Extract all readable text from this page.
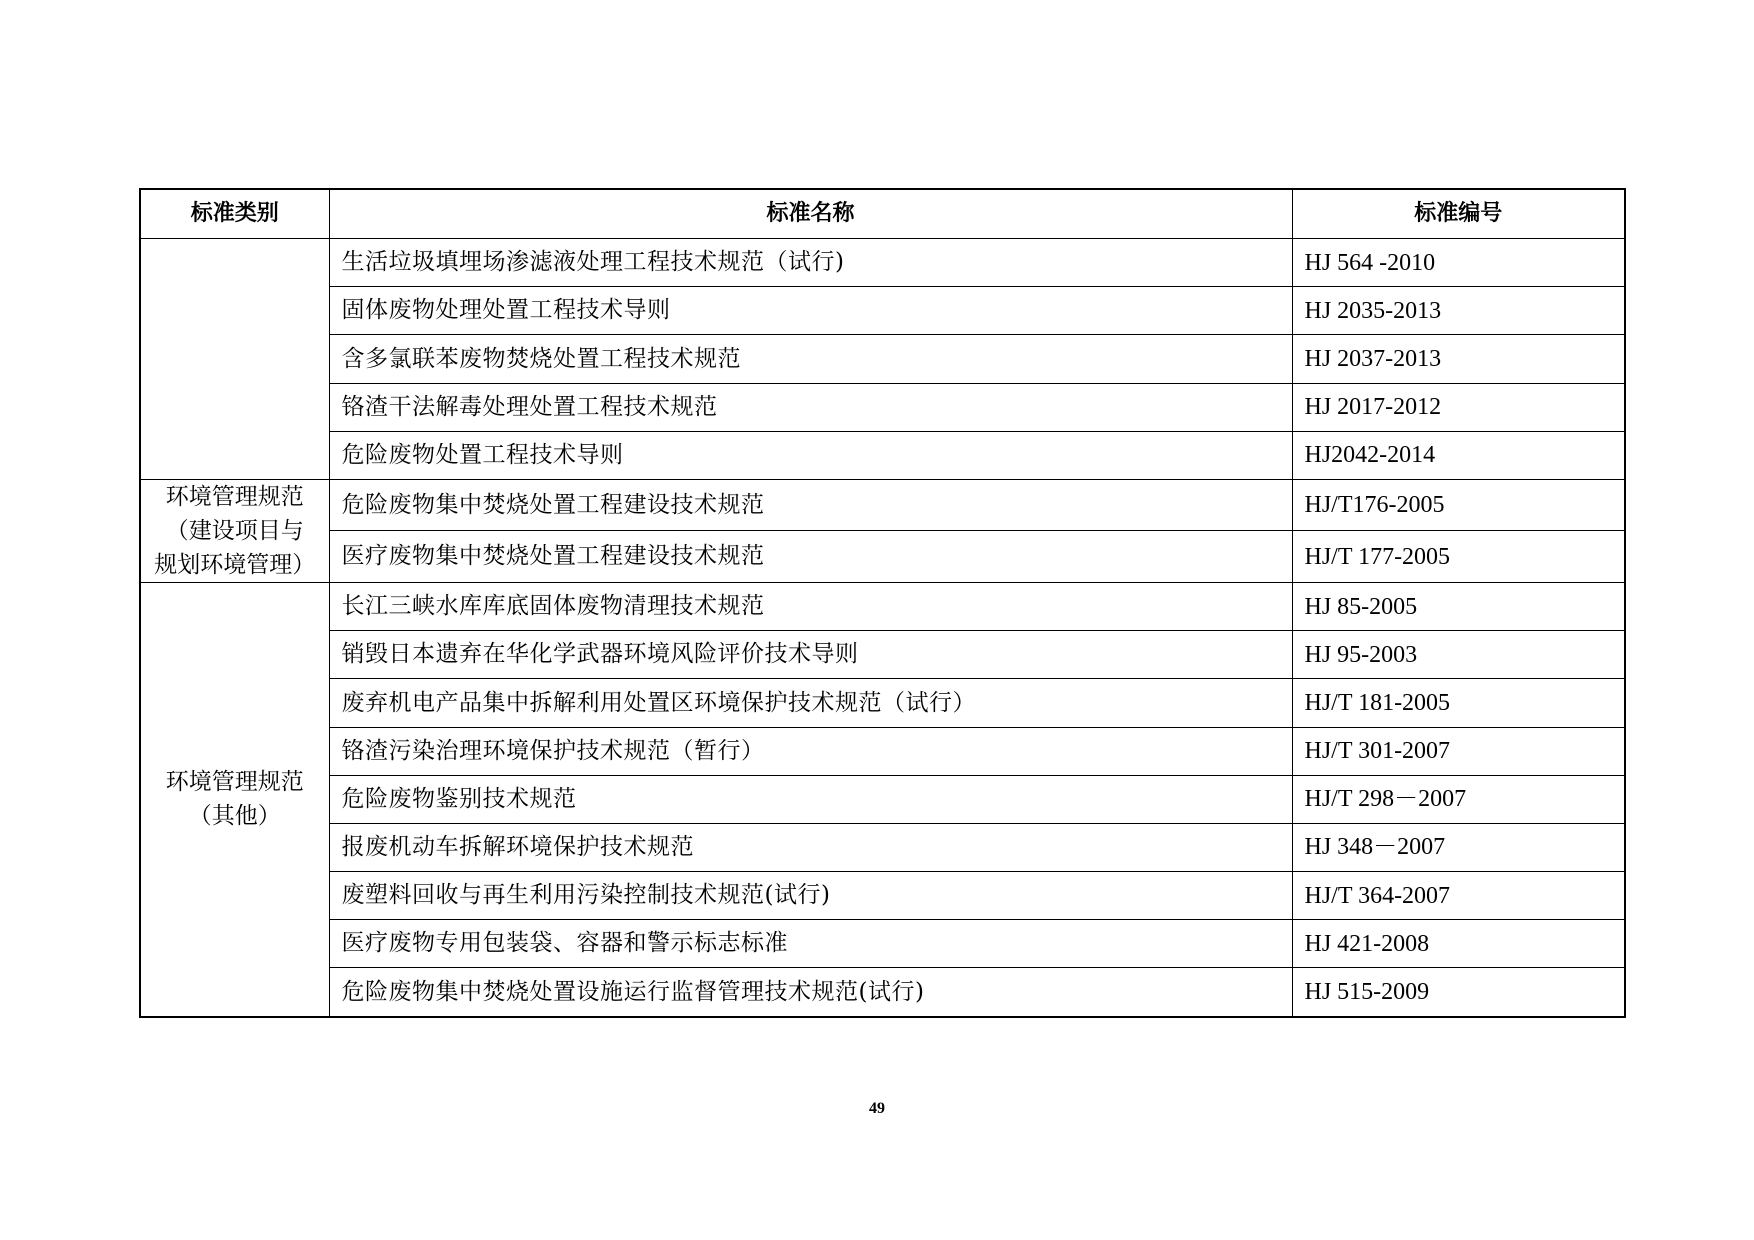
标准类别	标准名称	标准编号
	生活垃圾填埋场渗滤液处理工程技术规范（试行)	HJ 564 -2010
	固体废物处理处置工程技术导则	HJ 2035-2013
	含多氯联苯废物焚烧处置工程技术规范	HJ 2037-2013
	铬渣干法解毒处理处置工程技术规范	HJ 2017-2012
	危险废物处置工程技术导则	HJ2042-2014

环境管理规范
（建设项目与
规划环境管理）	危险废物集中焚烧处置工程建设技术规范	HJ/T176-2005
	医疗废物集中焚烧处置工程建设技术规范	HJ/T 177-2005

环境管理规范
（其他）	长江三峡水库库底固体废物清理技术规范	HJ 85-2005
	销毁日本遗弃在华化学武器环境风险评价技术导则	HJ 95-2003
	废弃机电产品集中拆解利用处置区环境保护技术规范（试行）	HJ/T 181-2005
	铬渣污染治理环境保护技术规范（暂行）	HJ/T 301-2007
	危险废物鉴别技术规范	HJ/T 298－2007
	报废机动车拆解环境保护技术规范	HJ 348－2007
	废塑料回收与再生利用污染控制技术规范(试行)	HJ/T 364-2007
	医疗废物专用包装袋、容器和警示标志标准	HJ 421-2008
	危险废物集中焚烧处置设施运行监督管理技术规范(试行)	HJ 515-2009
49
